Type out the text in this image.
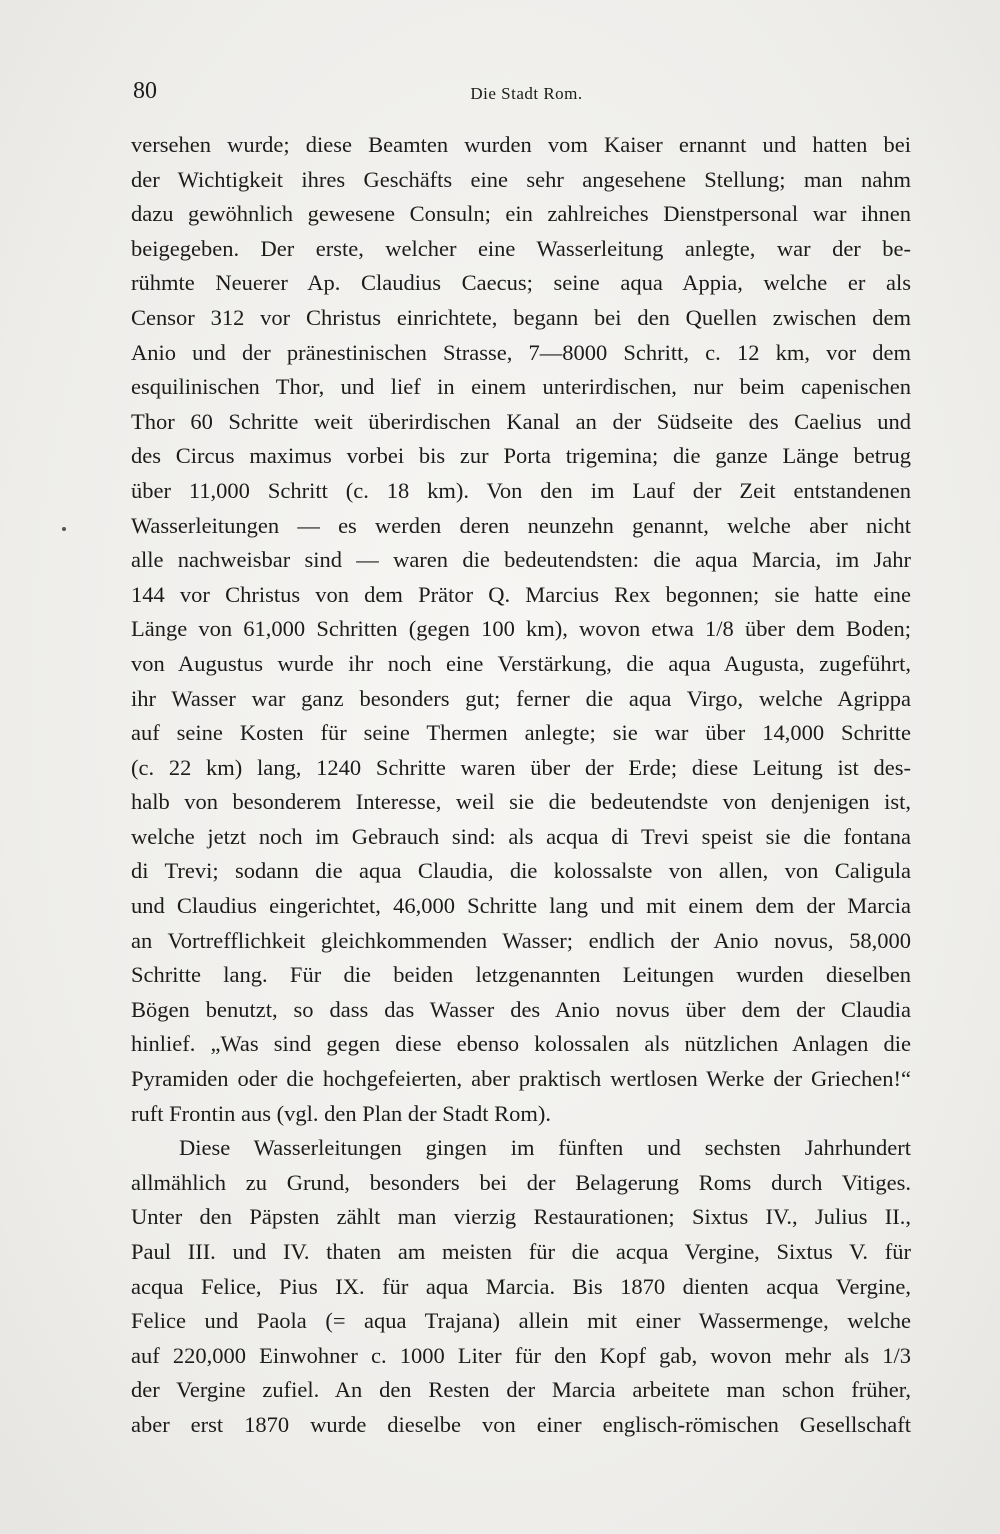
80	Die Stadt Rom.
versehen wurde; diese Beamten wurden vom Kaiser ernannt und hatten bei
der Wichtigkeit ihres Geschäfts eine sehr angesehene Stellung; man nahm
dazu gewöhnlich gewesene Consuln; ein zahlreiches Dienstpersonal war ihnen
beigegeben. Der erste, welcher eine Wasserleitung anlegte, war der be-
rühmte Neuerer Ap. Claudius Caecus; seine aqua Appia, welche er als
Censor 312 vor Christus einrichtete, begann bei den Quellen zwischen dem
Anio und der pränestinischen Strasse, 7—8000 Schritt, c. 12 km, vor dem
esquilinischen Thor, und lief in einem unterirdischen, nur beim capenischen
Thor 60 Schritte weit überirdischen Kanal an der Südseite des Caelius und
des Circus maximus vorbei bis zur Porta trigemina; die ganze Länge betrug
über 11,000 Schritt (c. 18 km). Von den im Lauf der Zeit entstandenen
Wasserleitungen — es werden deren neunzehn genannt, welche aber nicht
alle nachweisbar sind — waren die bedeutendsten: die aqua Marcia, im Jahr
144 vor Christus von dem Prätor Q. Marcius Rex begonnen; sie hatte eine
Länge von 61,000 Schritten (gegen 100 km), wovon etwa 1/8 über dem Boden;
von Augustus wurde ihr noch eine Verstärkung, die aqua Augusta, zugeführt,
ihr Wasser war ganz besonders gut; ferner die aqua Virgo, welche Agrippa
auf seine Kosten für seine Thermen anlegte; sie war über 14,000 Schritte
(c. 22 km) lang, 1240 Schritte waren über der Erde; diese Leitung ist des-
halb von besonderem Interesse, weil sie die bedeutendste von denjenigen ist,
welche jetzt noch im Gebrauch sind: als acqua di Trevi speist sie die fontana
di Trevi; sodann die aqua Claudia, die kolossalste von allen, von Caligula
und Claudius eingerichtet, 46,000 Schritte lang und mit einem dem der Marcia
an Vortrefflichkeit gleichkommenden Wasser; endlich der Anio novus, 58,000
Schritte lang. Für die beiden letzgenannten Leitungen wurden dieselben
Bögen benutzt, so dass das Wasser des Anio novus über dem der Claudia
hinlief. „Was sind gegen diese ebenso kolossalen als nützlichen Anlagen die
Pyramiden oder die hochgefeierten, aber praktisch wertlosen Werke der Griechen!“
ruft Frontin aus (vgl. den Plan der Stadt Rom).
Diese Wasserleitungen gingen im fünften und sechsten Jahrhundert
allmählich zu Grund, besonders bei der Belagerung Roms durch Vitiges.
Unter den Päpsten zählt man vierzig Restaurationen; Sixtus IV., Julius II.,
Paul III. und IV. thaten am meisten für die acqua Vergine, Sixtus V. für
acqua Felice, Pius IX. für aqua Marcia. Bis 1870 dienten acqua Vergine,
Felice und Paola (= aqua Trajana) allein mit einer Wassermenge, welche
auf 220,000 Einwohner c. 1000 Liter für den Kopf gab, wovon mehr als 1/3
der Vergine zufiel. An den Resten der Marcia arbeitete man schon früher,
aber erst 1870 wurde dieselbe von einer englisch-römischen Gesellschaft
